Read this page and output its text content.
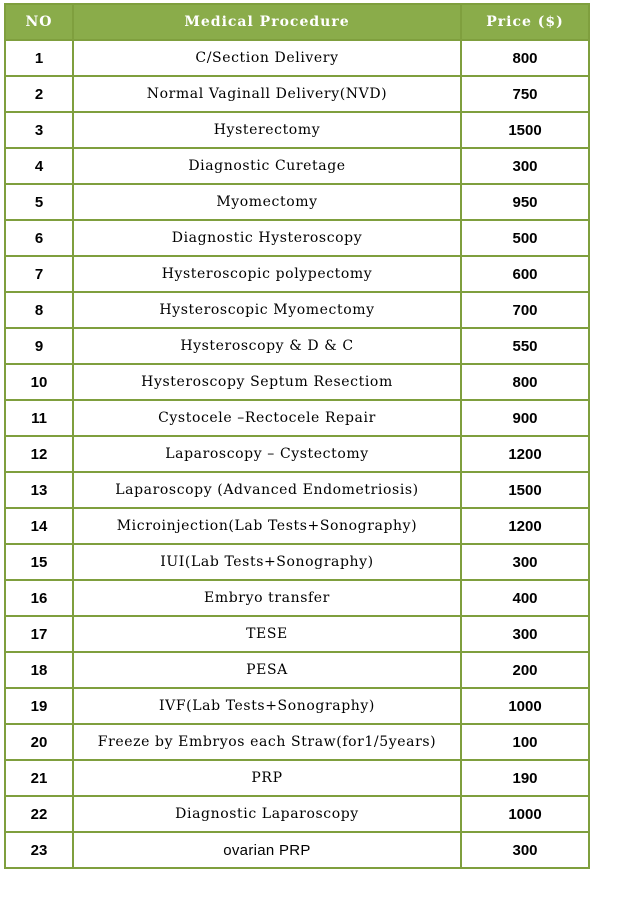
NO	Medical Procedure	Price ($)
1	C/Section Delivery	800
2	Normal Vaginall Delivery(NVD)	750
3	Hysterectomy	1500
4	Diagnostic Curetage	300
5	Myomectomy	950
6	Diagnostic Hysteroscopy	500
7	Hysteroscopic polypectomy	600
8	Hysteroscopic Myomectomy	700
9	Hysteroscopy & D & C	550
10	Hysteroscopy Septum Resectiom	800
11	Cystocele –Rectocele Repair	900
12	Laparoscopy – Cystectomy	1200
13	Laparoscopy (Advanced Endometriosis)	1500
14	Microinjection(Lab Tests+Sonography)	1200
15	IUI(Lab Tests+Sonography)	300
16	Embryo transfer	400
17	TESE	300
18	PESA	200
19	IVF(Lab Tests+Sonography)	1000
20	Freeze by Embryos each Straw(for1/5years)	100
21	PRP	190
22	Diagnostic Laparoscopy	1000
23	ovarian PRP	300
